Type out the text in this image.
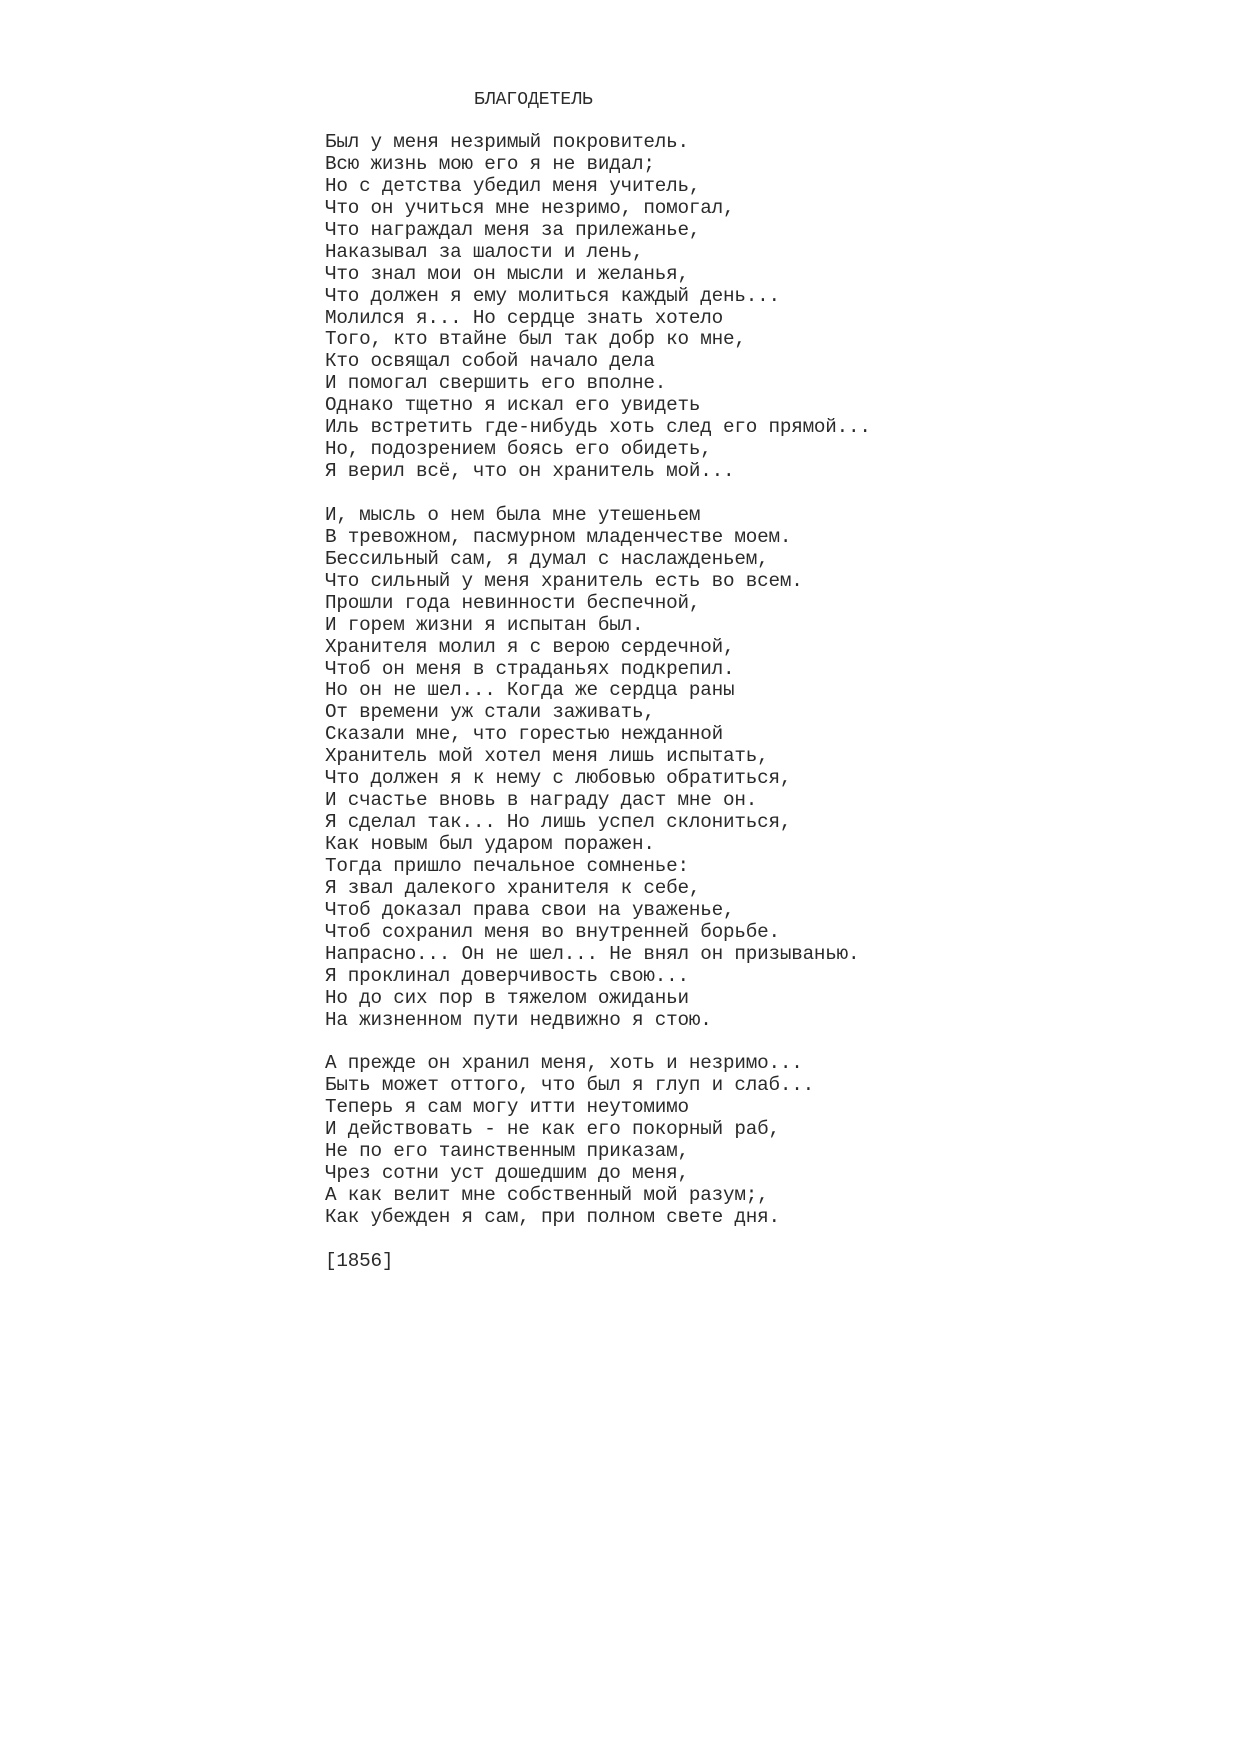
БЛАГОДЕТЕЛЬ
Был у меня незримый покровитель.
Всю жизнь мою его я не видал;
Но с детства убедил меня учитель,
Что он учиться мне незримо, помогал,
Что награждал меня за прилежанье,
Наказывал за шалости и лень,
Что знал мои он мысли и желанья,
Что должен я ему молиться каждый день...
Молился я... Но сердце знать хотело
Того, кто втайне был так добр ко мне,
Кто освящал собой начало дела
И помогал свершить его вполне.
Однако тщетно я искал его увидеть
Иль встретить где-нибудь хоть след его прямой...
Но, подозрением боясь его обидеть,
Я верил всё, что он хранитель мой...
И, мысль о нем была мне утешеньем
В тревожном, пасмурном младенчестве моем.
Бессильный сам, я думал с наслажденьем,
Что сильный у меня хранитель есть во всем.
Прошли года невинности беспечной,
И горем жизни я испытан был.
Хранителя молил я с верою сердечной,
Чтоб он меня в страданьях подкрепил.
Но он не шел... Когда же сердца раны
От времени уж стали заживать,
Сказали мне, что горестью нежданной
Хранитель мой хотел меня лишь испытать,
Что должен я к нему с любовью обратиться,
И счастье вновь в награду даст мне он.
Я сделал так... Но лишь успел склониться,
Как новым был ударом поражен.
Тогда пришло печальное сомненье:
Я звал далекого хранителя к себе,
Чтоб доказал права свои на уваженье,
Чтоб сохранил меня во внутренней борьбе.
Напрасно... Он не шел... Не внял он призыванью.
Я проклинал доверчивость свою...
Но до сих пор в тяжелом ожиданьи
На жизненном пути недвижно я стою.
А прежде он хранил меня, хоть и незримо...
Быть может оттого, что был я глуп и слаб...
Теперь я сам могу итти неутомимо
И действовать - не как его покорный раб,
Не по его таинственным приказам,
Чрез сотни уст дошедшим до меня,
А как велит мне собственный мой разум;,
Как убежден я сам, при полном свете дня.
[1856]
